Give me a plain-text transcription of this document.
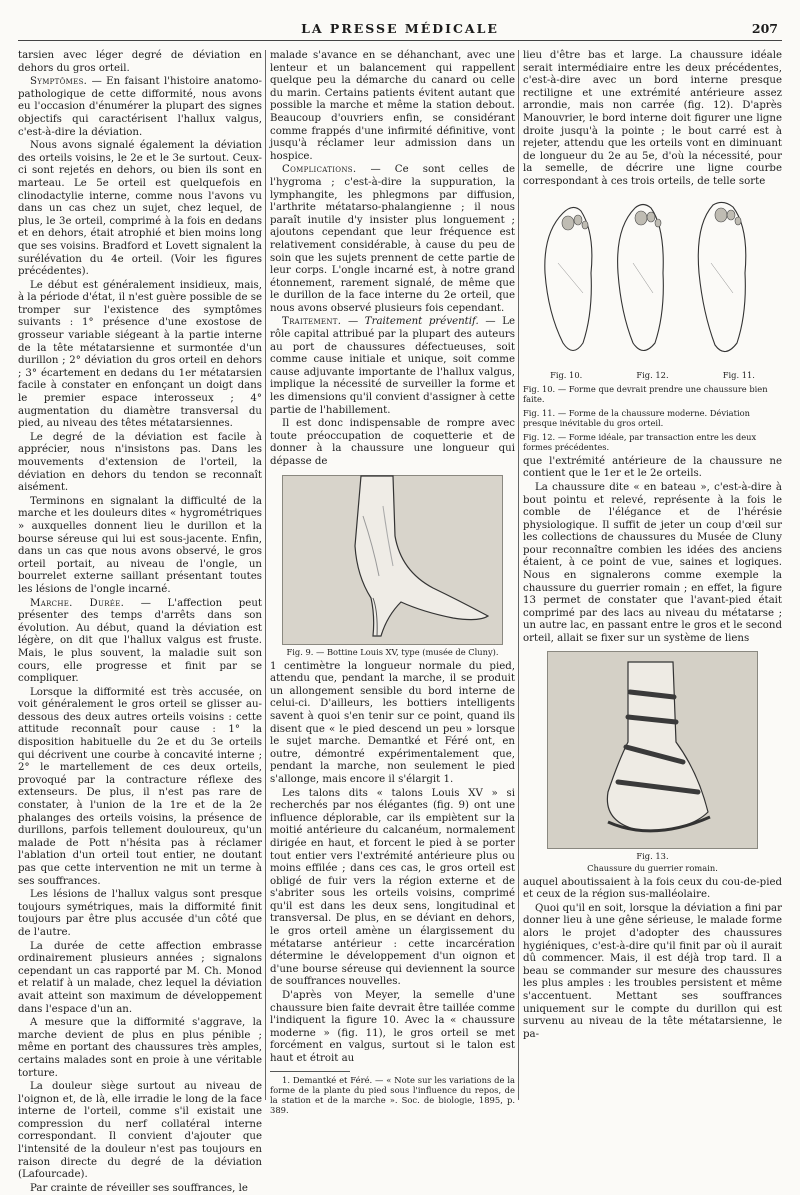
LA PRESSE MÉDICALE	207

tarsien avec léger degré de déviation en dehors du gros orteil.

Symptômes. — En faisant l'histoire anatomo-pathologique de cette difformité, nous avons eu l'occasion d'énumérer la plupart des signes objectifs qui caractérisent l'hallux valgus, c'est-à-dire la déviation.

Nous avons signalé également la déviation des orteils voisins, le 2e et le 3e surtout. Ceux-ci sont rejetés en dehors, ou bien ils sont en marteau. Le 5e orteil est quelquefois en clinodactylie interne, comme nous l'avons vu dans un cas chez un sujet, chez lequel, de plus, le 3e orteil, comprimé à la fois en dedans et en dehors, était atrophié et bien moins long que ses voisins. Bradford et Lovett signalent la surélévation du 4e orteil. (Voir les figures précédentes).

Le début est généralement insidieux, mais, à la période d'état, il n'est guère possible de se tromper sur l'existence des symptômes suivants : 1° présence d'une exostose de grosseur variable siégeant à la partie interne de la tête métatarsienne et surmontée d'un durillon ; 2° déviation du gros orteil en dehors ; 3° écartement en dedans du 1er métatarsien facile à constater en enfonçant un doigt dans le premier espace interosseux ; 4° augmentation du diamètre transversal du pied, au niveau des têtes métatarsiennes.

Le degré de la déviation est facile à apprécier, nous n'insistons pas. Dans les mouvements d'extension de l'orteil, la déviation en dehors du tendon se reconnaît aisément.

Terminons en signalant la difficulté de la marche et les douleurs dites « hygrométriques » auxquelles donnent lieu le durillon et la bourse séreuse qui lui est sous-jacente. Enfin, dans un cas que nous avons observé, le gros orteil portait, au niveau de l'ongle, un bourrelet externe saillant présentant toutes les lésions de l'ongle incarné.

Marche. Durée. — L'affection peut présenter des temps d'arrêts dans son évolution. Au début, quand la déviation est légère, on dit que l'hallux valgus est fruste. Mais, le plus souvent, la maladie suit son cours, elle progresse et finit par se compliquer.

Lorsque la difformité est très accusée, on voit généralement le gros orteil se glisser au-dessous des deux autres orteils voisins : cette attitude reconnaît pour cause : 1° la disposition habituelle du 2e et du 3e orteils qui décrivent une courbe à concavité interne ; 2° le martellement de ces deux orteils, provoqué par la contracture réflexe des extenseurs. De plus, il n'est pas rare de constater, à l'union de la 1re et de la 2e phalanges des orteils voisins, la présence de durillons, parfois tellement douloureux, qu'un malade de Pott n'hésita pas à réclamer l'ablation d'un orteil tout entier, ne doutant pas que cette intervention ne mit un terme à ses souffrances.

Les lésions de l'hallux valgus sont presque toujours symétriques, mais la difformité finit toujours par être plus accusée d'un côté que de l'autre.

La durée de cette affection embrasse ordinairement plusieurs années ; signalons cependant un cas rapporté par M. Ch. Monod et relatif à un malade, chez lequel la déviation avait atteint son maximum de développement dans l'espace d'un an.

A mesure que la difformité s'aggrave, la marche devient de plus en plus pénible ; même en portant des chaussures très amples, certains malades sont en proie à une véritable torture.

La douleur siège surtout au niveau de l'oignon et, de là, elle irradie le long de la face interne de l'orteil, comme s'il existait une compression du nerf collatéral interne correspondant. Il convient d'ajouter que l'intensité de la douleur n'est pas toujours en raison directe du degré de la déviation (Lafourcade).

Par crainte de réveiller ses souffrances, le

malade s'avance en se déhanchant, avec une lenteur et un balancement qui rappellent quelque peu la démarche du canard ou celle du marin. Certains patients évitent autant que possible la marche et même la station debout. Beaucoup d'ouvriers enfin, se considérant comme frappés d'une infirmité définitive, vont jusqu'à réclamer leur admission dans un hospice.

Complications. — Ce sont celles de l'hygroma ; c'est-à-dire la suppuration, la lymphangite, les phlegmons par diffusion, l'arthrite métatarso-phalangienne ; il nous paraît inutile d'y insister plus longuement ; ajoutons cependant que leur fréquence est relativement considérable, à cause du peu de soin que les sujets prennent de cette partie de leur corps. L'ongle incarné est, à notre grand étonnement, rarement signalé, de même que le durillon de la face interne du 2e orteil, que nous avons observé plusieurs fois cependant.

Traitement. — Traitement préventif. — Le rôle capital attribué par la plupart des auteurs au port de chaussures défectueuses, soit comme cause initiale et unique, soit comme cause adjuvante importante de l'hallux valgus, implique la nécessité de surveiller la forme et les dimensions qu'il convient d'assigner à cette partie de l'habillement.

Il est donc indispensable de rompre avec toute préoccupation de coquetterie et de donner à la chaussure une longueur qui dépasse de

Fig. 9. — Bottine Louis XV, type (musée de Cluny).

1 centimètre la longueur normale du pied, attendu que, pendant la marche, il se produit un allongement sensible du bord interne de celui-ci. D'ailleurs, les bottiers intelligents savent à quoi s'en tenir sur ce point, quand ils disent que « le pied descend un peu » lorsque le sujet marche. Demantké et Féré ont, en outre, démontré expérimentalement que, pendant la marche, non seulement le pied s'allonge, mais encore il s'élargit 1.

Les talons dits « talons Louis XV » si recherchés par nos élégantes (fig. 9) ont une influence déplorable, car ils empiètent sur la moitié antérieure du calcanéum, normalement dirigée en haut, et forcent le pied à se porter tout entier vers l'extrémité antérieure plus ou moins effilée ; dans ces cas, le gros orteil est obligé de fuir vers la région externe et de s'abriter sous les orteils voisins, comprimé qu'il est dans les deux sens, longitudinal et transversal. De plus, en se déviant en dehors, le gros orteil amène un élargissement du métatarse antérieur : cette incarcération détermine le développement d'un oignon et d'une bourse séreuse qui deviennent la source de souffrances nouvelles.

D'après von Meyer, la semelle d'une chaussure bien faite devrait être taillée comme l'indiquent la figure 10. Avec la « chaussure moderne » (fig. 11), le gros orteil se met forcément en valgus, surtout si le talon est haut et étroit au

1. Demantké et Féré. — « Note sur les variations de la forme de la plante du pied sous l'influence du repos, de la station et de la marche ». Soc. de biologie, 1895, p. 389.

lieu d'être bas et large. La chaussure idéale serait intermédiaire entre les deux précédentes, c'est-à-dire avec un bord interne presque rectiligne et une extrémité antérieure assez arrondie, mais non carrée (fig. 12). D'après Manouvrier, le bord interne doit figurer une ligne droite jusqu'à la pointe ; le bout carré est à rejeter, attendu que les orteils vont en diminuant de longueur du 2e au 5e, d'où la nécessité, pour la semelle, de décrire une ligne courbe correspondant à ces trois orteils, de telle sorte

Fig. 10.	Fig. 12.	Fig. 11.
Fig. 10. — Forme que devrait prendre une chaussure bien faite.
Fig. 11. — Forme de la chaussure moderne. Déviation presque inévitable du gros orteil.
Fig. 12. — Forme idéale, par transaction entre les deux formes précédentes.

que l'extrémité antérieure de la chaussure ne contient que le 1er et le 2e orteils.

La chaussure dite « en bateau », c'est-à-dire à bout pointu et relevé, représente à la fois le comble de l'élégance et de l'hérésie physiologique. Il suffit de jeter un coup d'œil sur les collections de chaussures du Musée de Cluny pour reconnaître combien les idées des anciens étaient, à ce point de vue, saines et logiques. Nous en signalerons comme exemple la chaussure du guerrier romain ; en effet, la figure 13 permet de constater que l'avant-pied était comprimé par des lacs au niveau du métatarse ; un autre lac, en passant entre le gros et le second orteil, allait se fixer sur un système de liens

Fig. 13.
Chaussure du guerrier romain.

auquel aboutissaient à la fois ceux du cou-de-pied et ceux de la région sus-malléolaire.

Quoi qu'il en soit, lorsque la déviation a fini par donner lieu à une gêne sérieuse, le malade forme alors le projet d'adopter des chaussures hygiéniques, c'est-à-dire qu'il finit par où il aurait dû commencer. Mais, il est déjà trop tard. Il a beau se commander sur mesure des chaussures les plus amples : les troubles persistent et même s'accentuent. Mettant ses souffrances uniquement sur le compte du durillon qui est survenu au niveau de la tête métatarsienne, le pa-
